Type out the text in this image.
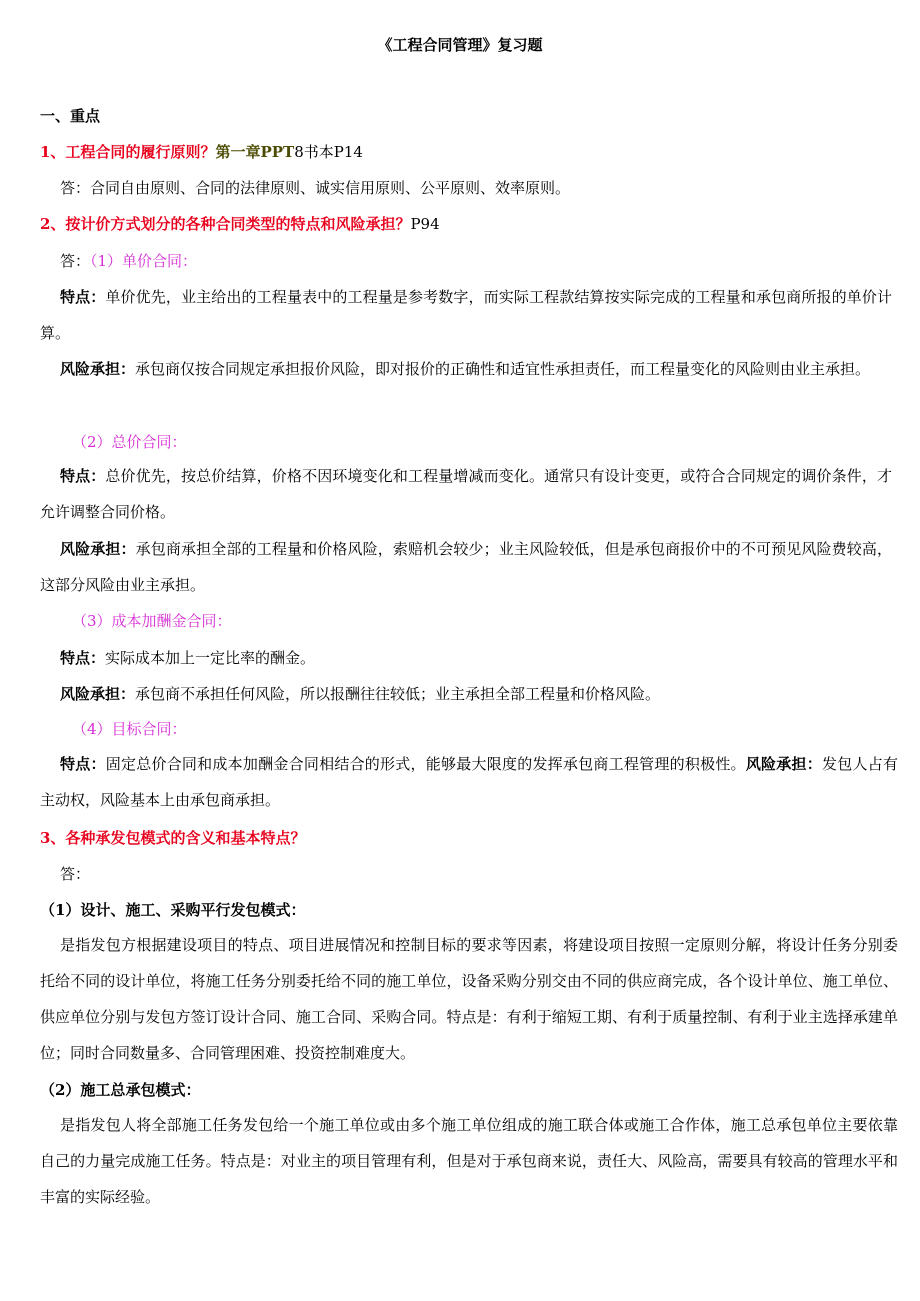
《工程合同管理》复习题
一、重点
1、工程合同的履行原则？第一章PPT8书本P14
答：合同自由原则、合同的法律原则、诚实信用原则、公平原则、效率原则。
2、按计价方式划分的各种合同类型的特点和风险承担？P94
答：（1）单价合同：
特点：单价优先，业主给出的工程量表中的工程量是参考数字，而实际工程款结算按实际完成的工程量和承包商所报的单价计算。
风险承担：承包商仅按合同规定承担报价风险，即对报价的正确性和适宜性承担责任，而工程量变化的风险则由业主承担。
（2）总价合同：
特点：总价优先，按总价结算，价格不因环境变化和工程量增减而变化。通常只有设计变更，或符合合同规定的调价条件，才允许调整合同价格。
风险承担：承包商承担全部的工程量和价格风险，索赔机会较少；业主风险较低，但是承包商报价中的不可预见风险费较高，这部分风险由业主承担。
（3）成本加酬金合同：
特点：实际成本加上一定比率的酬金。
风险承担：承包商不承担任何风险，所以报酬往往较低；业主承担全部工程量和价格风险。
（4）目标合同：
特点：固定总价合同和成本加酬金合同相结合的形式，能够最大限度的发挥承包商工程管理的积极性。风险承担：发包人占有主动权，风险基本上由承包商承担。
3、各种承发包模式的含义和基本特点？
答：
（1）设计、施工、采购平行发包模式：
是指发包方根据建设项目的特点、项目进展情况和控制目标的要求等因素，将建设项目按照一定原则分解，将设计任务分别委托给不同的设计单位，将施工任务分别委托给不同的施工单位，设备采购分别交由不同的供应商完成，各个设计单位、施工单位、供应单位分别与发包方签订设计合同、施工合同、采购合同。特点是：有利于缩短工期、有利于质量控制、有利于业主选择承建单位；同时合同数量多、合同管理困难、投资控制难度大。
（2）施工总承包模式：
是指发包人将全部施工任务发包给一个施工单位或由多个施工单位组成的施工联合体或施工合作体，施工总承包单位主要依靠自己的力量完成施工任务。特点是：对业主的项目管理有利，但是对于承包商来说，责任大、风险高，需要具有较高的管理水平和丰富的实际经验。
